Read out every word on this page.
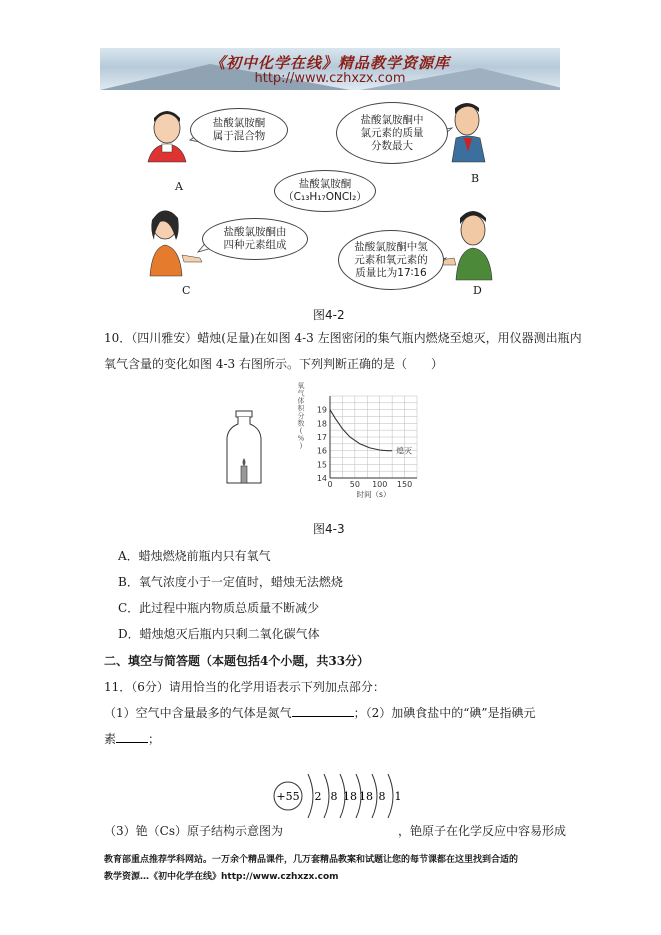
《初中化学在线》精品教学资源库
http://www.czhxzx.com
盐酸氯胺酮
属于混合物
盐酸氯胺酮中
氯元素的质量
分数最大
盐酸氯胺酮
（C₁₃H₁₇ONCl₂）
盐酸氯胺酮由
四种元素组成	盐酸氯胺酮中氢
元素和氧元素的
质量比为17∶16
A
B
C	D
图4-2
10．（四川雅安）蜡烛(足量)在如图 4-3 左图密闭的集气瓶内燃烧至熄灭，用仪器测出瓶内
氧气含量的变化如图 4-3 右图所示。下列判断正确的是（　　）
0 50 100 150
14
15
16
17
18
19
熄灭
时间（s）
氧
气
体
积
分
数
(
%
)
图4-3
A．蜡烛燃烧前瓶内只有氧气
B．氧气浓度小于一定值时，蜡烛无法燃烧
C．此过程中瓶内物质总质量不断减少
D．蜡烛熄灭后瓶内只剩二氧化碳气体
二、填空与简答题（本题包括4个小题，共33分）
11．（6分）请用恰当的化学用语表示下列加点部分：
（1）空气中含量最多的气体是氮气	；（2）加碘食盐中的“碘”是指碘元
素	；
+55 2 8 18 18 8 1
（3）铯（Cs）原子结构示意图为	，铯原子在化学反应中容易形成
教育部重点推荐学科网站。一万余个精品课件，几万套精品教案和试题让您的每节课都在这里找到合适的
教学资源…《初中化学在线》http://www.czhxzx.com
